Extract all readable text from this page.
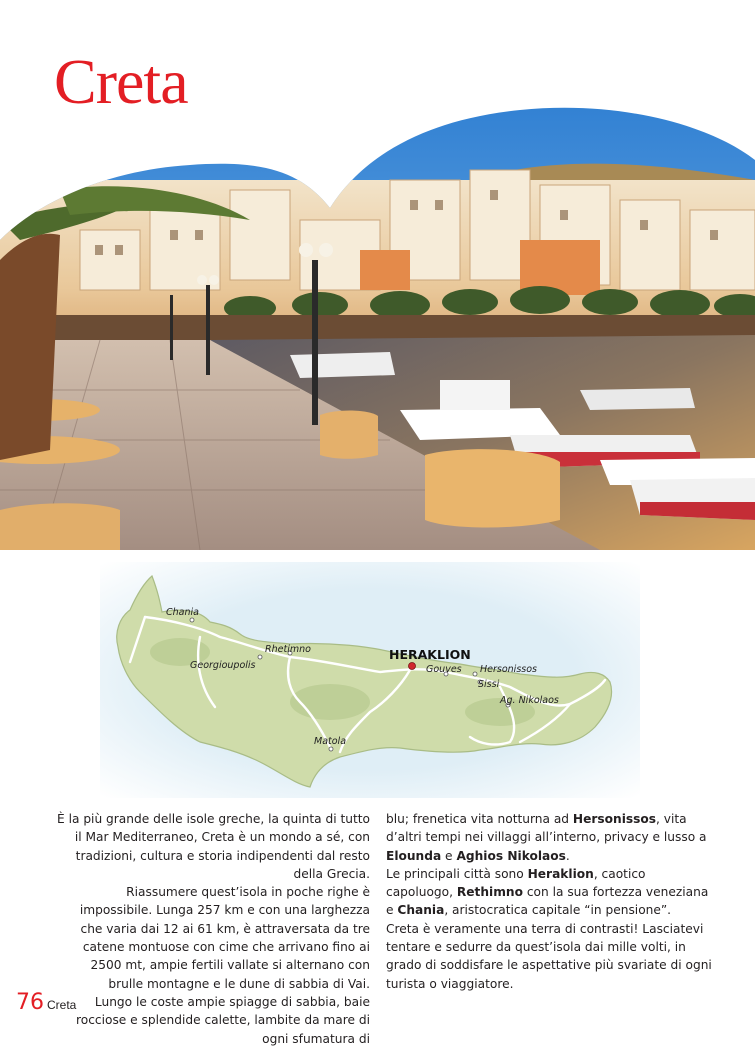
Creta
Chania
Rhetimno
Georgioupolis
HERAKLION
Gouves Hersonissos
Sissi
Ag. Nikolaos
Matola

È la più grande delle isole greche, la quinta di tutto il Mar Mediterraneo, Creta è un mondo a sé, con tradizioni, cultura e storia indipendenti dal resto della Grecia.

Riassumere quest’isola in poche righe è impossibile. Lunga 257 km e con una larghezza che varia dai 12 ai 61 km, è attraversata da tre catene montuose con cime che arrivano fino ai 2500 mt, ampie fertili vallate si alternano con brulle montagne e le dune di sabbia di Vai.

Lungo le coste ampie spiagge di sabbia, baie rocciose e splendide calette, lambite da mare di ogni sfumatura di

blu; frenetica vita notturna ad Hersonissos, vita d’altri tempi nei villaggi all’interno, privacy e lusso a Elounda e Aghios Nikolaos.

Le principali città sono Heraklion, caotico capoluogo, Rethimno con la sua fortezza veneziana e Chania, aristocratica capitale “in pensione”.

Creta è veramente una terra di contrasti! Lasciatevi tentare e sedurre da quest’isola dai mille volti, in grado di soddisfare le aspettative più svariate di ogni turista o viaggiatore.

76 Creta
